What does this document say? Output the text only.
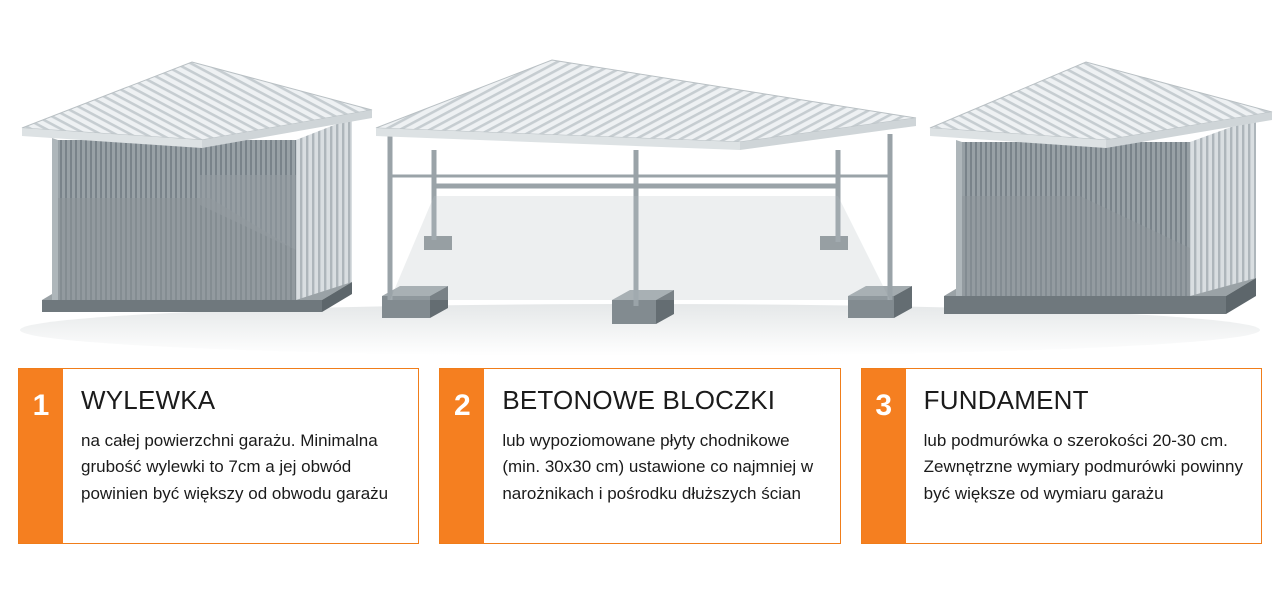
1	WYLEWKA
na całej powierzchni garażu. Minimalna grubość wylewki to 7cm a jej obwód powinien być większy od obwodu garażu
2	BETONOWE BLOCZKI
lub wypoziomowane płyty chodnikowe (min. 30x30 cm) ustawione co najmniej w narożnikach i pośrodku dłuższych ścian
3	FUNDAMENT
lub podmurówka o szerokości 20-30 cm. Zewnętrzne wymiary podmurówki powinny być większe od wymiaru garażu
